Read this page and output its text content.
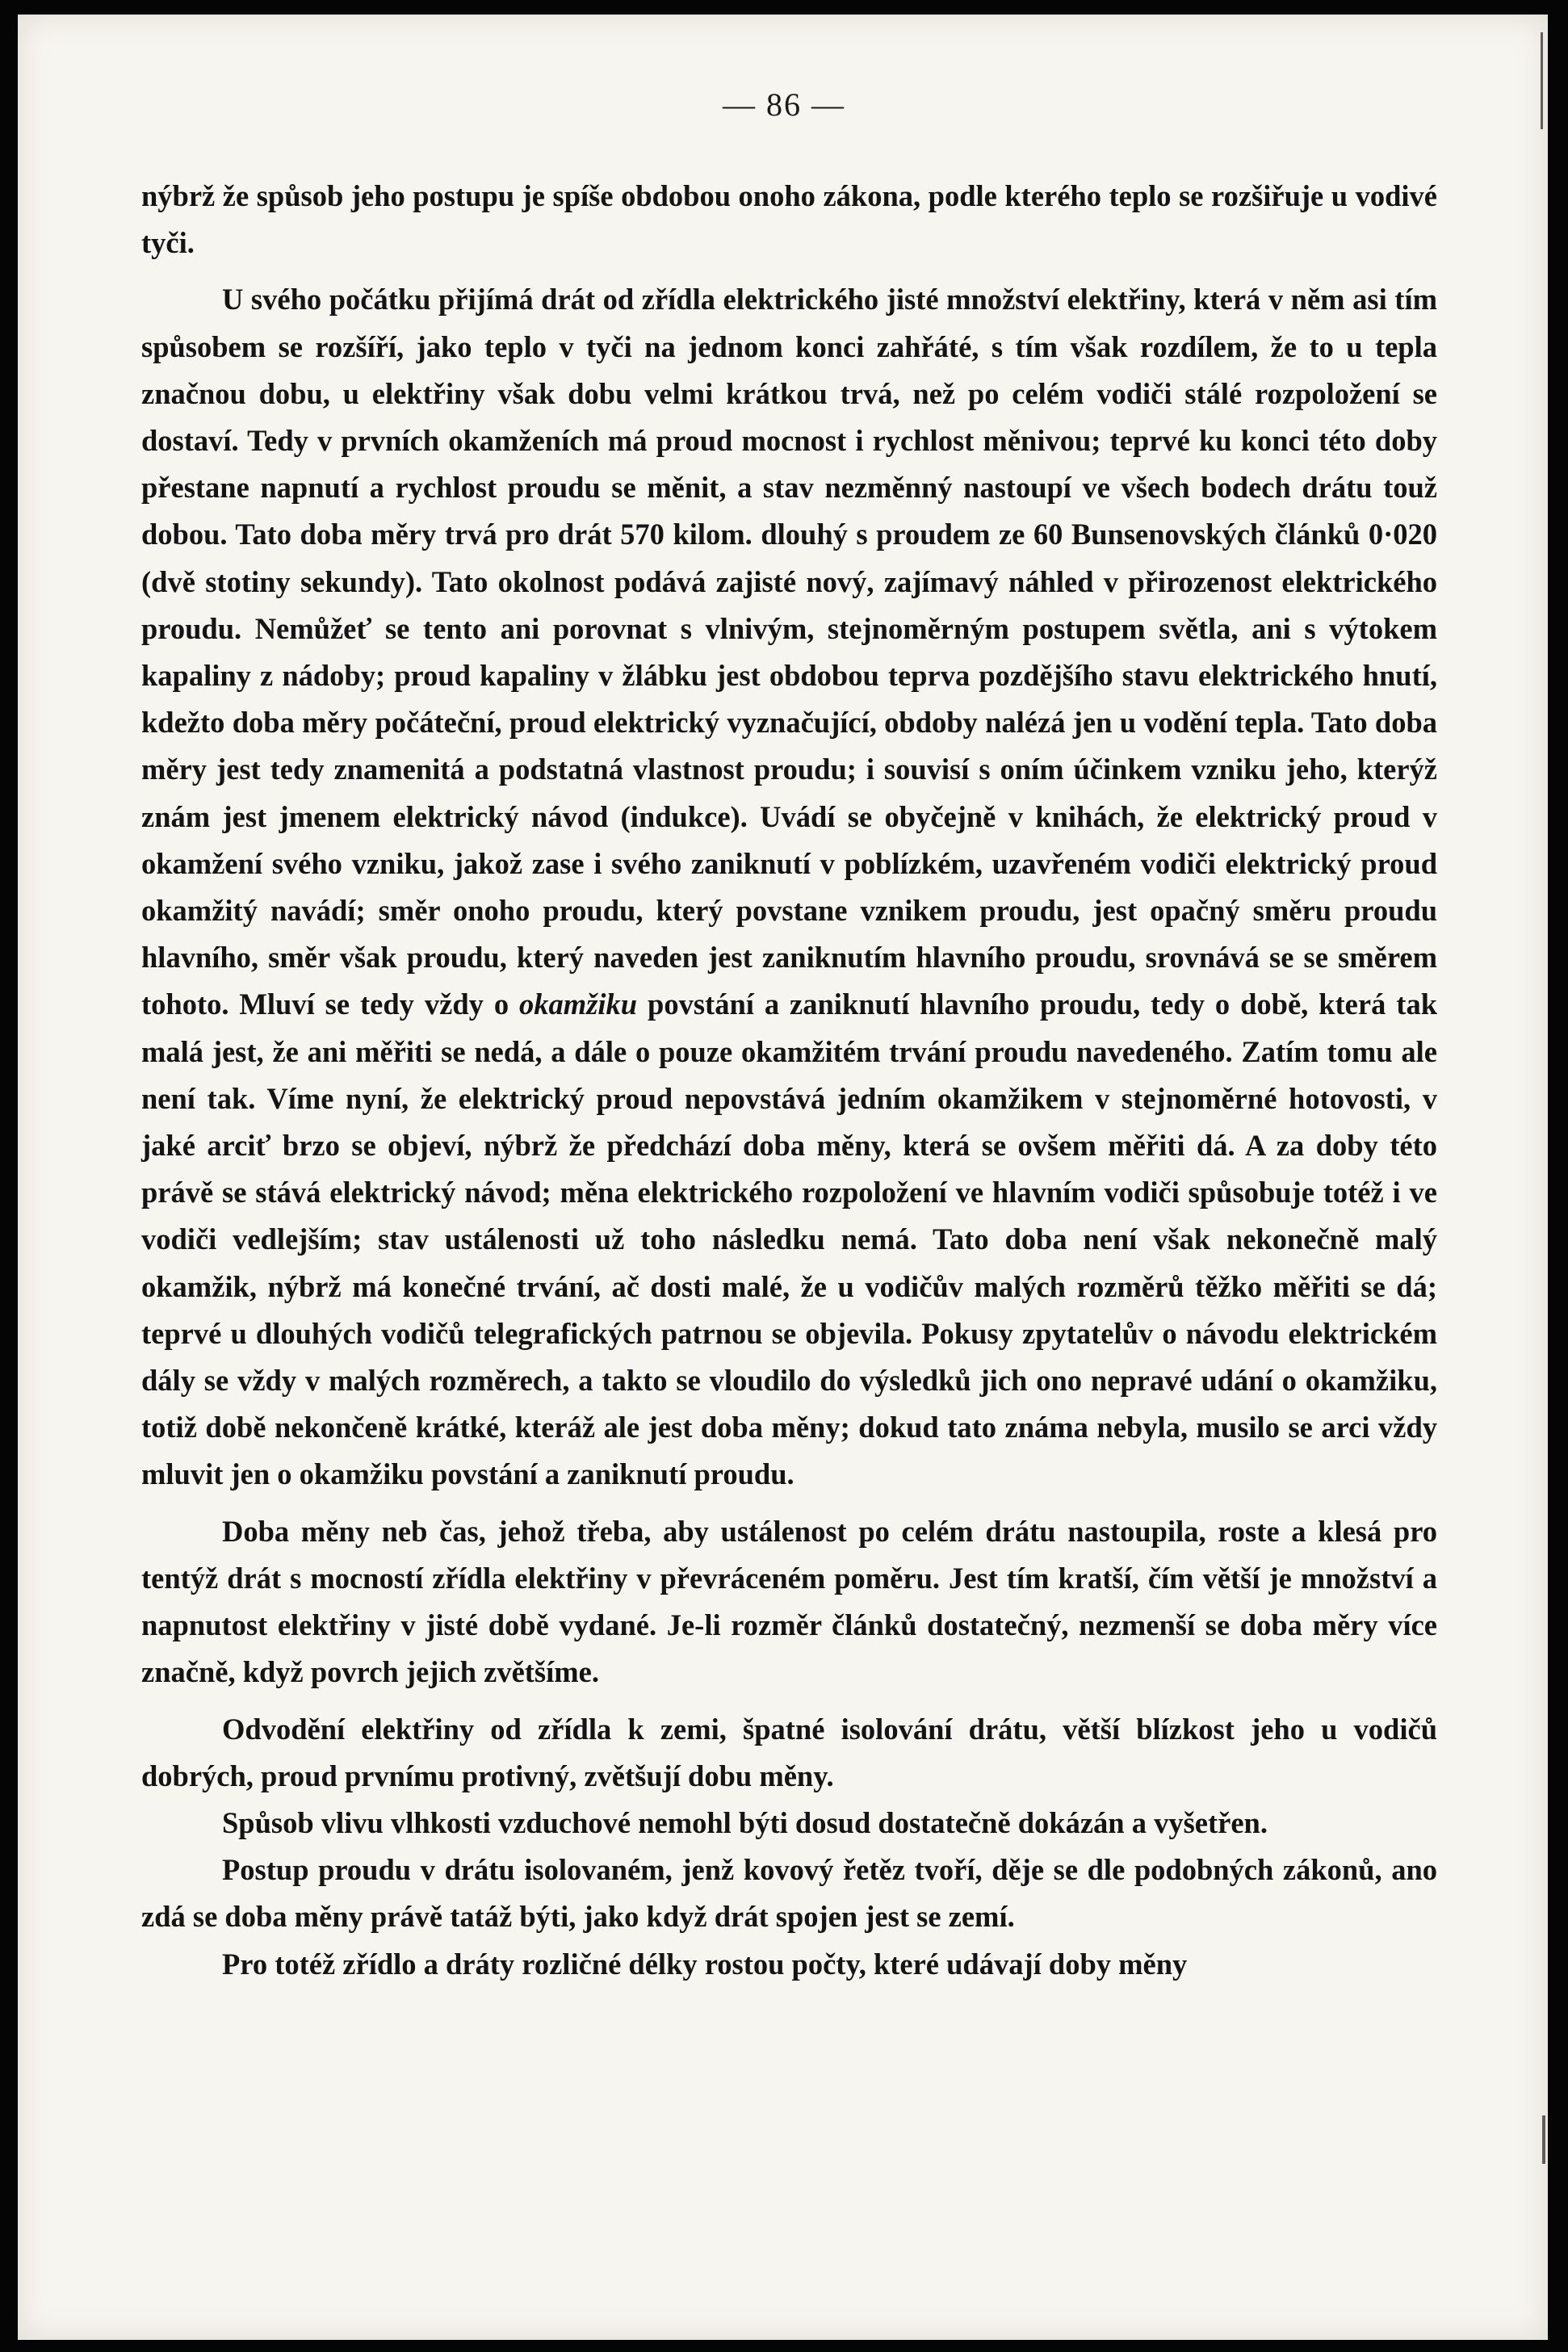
— 86 —

nýbrž že spůsob jeho postupu je spíše obdobou onoho zákona, podle kterého teplo se rozšiřuje u vodivé tyči.

U svého počátku přijímá drát od zřídla elektrického jisté množství elektřiny, která v něm asi tím spůsobem se rozšíří, jako teplo v tyči na jednom konci zahřáté, s tím však rozdílem, že to u tepla značnou dobu, u elektřiny však dobu velmi krátkou trvá, než po celém vodiči stálé rozpoložení se dostaví. Tedy v prvních okamženích má proud mocnost i rychlost měnivou; teprvé ku konci této doby přestane napnutí a rychlost proudu se měnit, a stav nezměnný nastoupí ve všech bodech drátu touž dobou. Tato doba měry trvá pro drát 570 kilom. dlouhý s proudem ze 60 Bunsenovských článků 0·020 (dvě stotiny sekundy). Tato okolnost podává zajisté nový, zajímavý náhled v přirozenost elektrického proudu. Nemůžeť se tento ani porovnat s vlnivým, stejnoměrným postupem světla, ani s výtokem kapaliny z nádoby; proud kapaliny v žlábku jest obdobou teprva pozdějšího stavu elektrického hnutí, kdežto doba měry počáteční, proud elektrický vyznačující, obdoby nalézá jen u vodění tepla. Tato doba měry jest tedy znamenitá a podstatná vlastnost proudu; i souvisí s oním účinkem vzniku jeho, kterýž znám jest jmenem elektrický návod (indukce). Uvádí se obyčejně v knihách, že elektrický proud v okamžení svého vzniku, jakož zase i svého zaniknutí v poblízkém, uzavřeném vodiči elektrický proud okamžitý navádí; směr onoho proudu, který povstane vznikem proudu, jest opačný směru proudu hlavního, směr však proudu, který naveden jest zaniknutím hlavního proudu, srovnává se se směrem tohoto. Mluví se tedy vždy o okamžiku povstání a zaniknutí hlavního proudu, tedy o době, která tak malá jest, že ani měřiti se nedá, a dále o pouze okamžitém trvání proudu navedeného. Zatím tomu ale není tak. Víme nyní, že elektrický proud nepovstává jedním okamžikem v stejnoměrné hotovosti, v jaké arciť brzo se objeví, nýbrž že předchází doba měny, která se ovšem měřiti dá. A za doby této právě se stává elektrický návod; měna elektrického rozpoložení ve hlavním vodiči spůsobuje totéž i ve vodiči vedlejším; stav ustálenosti už toho následku nemá. Tato doba není však nekonečně malý okamžik, nýbrž má konečné trvání, ač dosti malé, že u vodičův malých rozměrů těžko měřiti se dá; teprvé u dlouhých vodičů telegrafických patrnou se objevila. Pokusy zpytatelův o návodu elektrickém dály se vždy v malých rozměrech, a takto se vloudilo do výsledků jich ono nepravé udání o okamžiku, totiž době nekončeně krátké, kteráž ale jest doba měny; dokud tato známa nebyla, musilo se arci vždy mluvit jen o okamžiku povstání a zaniknutí proudu.

Doba měny neb čas, jehož třeba, aby ustálenost po celém drátu nastoupila, roste a klesá pro tentýž drát s mocností zřídla elektřiny v převráceném poměru. Jest tím kratší, čím větší je množství a napnutost elektřiny v jisté době vydané. Je-li rozměr článků dostatečný, nezmenší se doba měry více značně, když povrch jejich zvětšíme.

Odvodění elektřiny od zřídla k zemi, špatné isolování drátu, větší blízkost jeho u vodičů dobrých, proud prvnímu protivný, zvětšují dobu měny.

Spůsob vlivu vlhkosti vzduchové nemohl býti dosud dostatečně dokázán a vyšetřen.

Postup proudu v drátu isolovaném, jenž kovový řetěz tvoří, děje se dle podobných zákonů, ano zdá se doba měny právě tatáž býti, jako když drát spojen jest se zemí.

Pro totéž zřídlo a dráty rozličné délky rostou počty, které udávají doby měny
